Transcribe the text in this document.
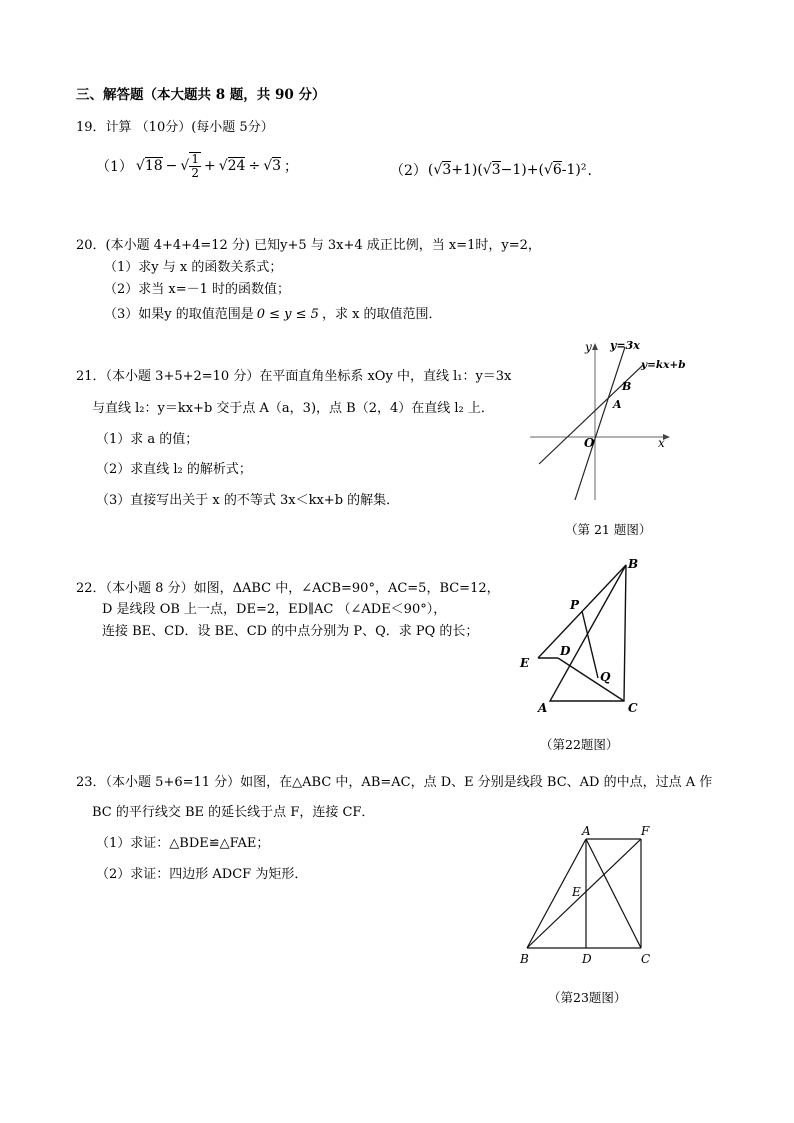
三、解答题（本大题共 8 题，共 90 分）
19．计算 （10分）(每小题 5分）
（1） √18 − √ $\frac{1}{2} + √24 \div √3$ ；	（2） (√3+1)(√3−1)+(√6-1)² ．
20．(本小题 4+4+4=12 分) 已知y+5 与 3x+4 成正比例，当 x=1时，y=2，
（1）求y 与 x 的函数关系式；
（2）求当 x=－1 时的函数值；
（3）如果y 的取值范围是 0 ≤ y ≤ 5 ，求 x 的取值范围．
21．（本小题 3+5+2=10 分）在平面直角坐标系 xOy 中，直线 l₁：y＝3x
与直线 l₂：y＝kx+b 交于点 A（a，3)，点 B（2，4）在直线 l₂ 上．
（1）求 a 的值；
（2）求直线 l₂ 的解析式；
（3）直接写出关于 x 的不等式 3x＜kx+b 的解集．
y
x
O
A
B
y=3x
y=kx+b
（第 21 题图）
22．（本小题 8 分）如图，ΔABC 中，∠ACB=90°，AC=5，BC=12，
D 是线段 OB 上一点，DE=2，ED∥AC （∠ADE＜90°），
连接 BE、CD．设 BE、CD 的中点分别为 P、Q．求 PQ 的长；
B
A	C
D
E
P
Q
（第22题图）
23．（本小题 5+6=11 分）如图，在△ABC 中，AB=AC，点 D、E 分别是线段 BC、AD 的中点，过点 A 作
BC 的平行线交 BE 的延长线于点 F，连接 CF．
（1）求证：△BDE≌△FAE；
（2）求证：四边形 ADCF 为矩形．
A	F
E
B	D	C
（第23题图）
